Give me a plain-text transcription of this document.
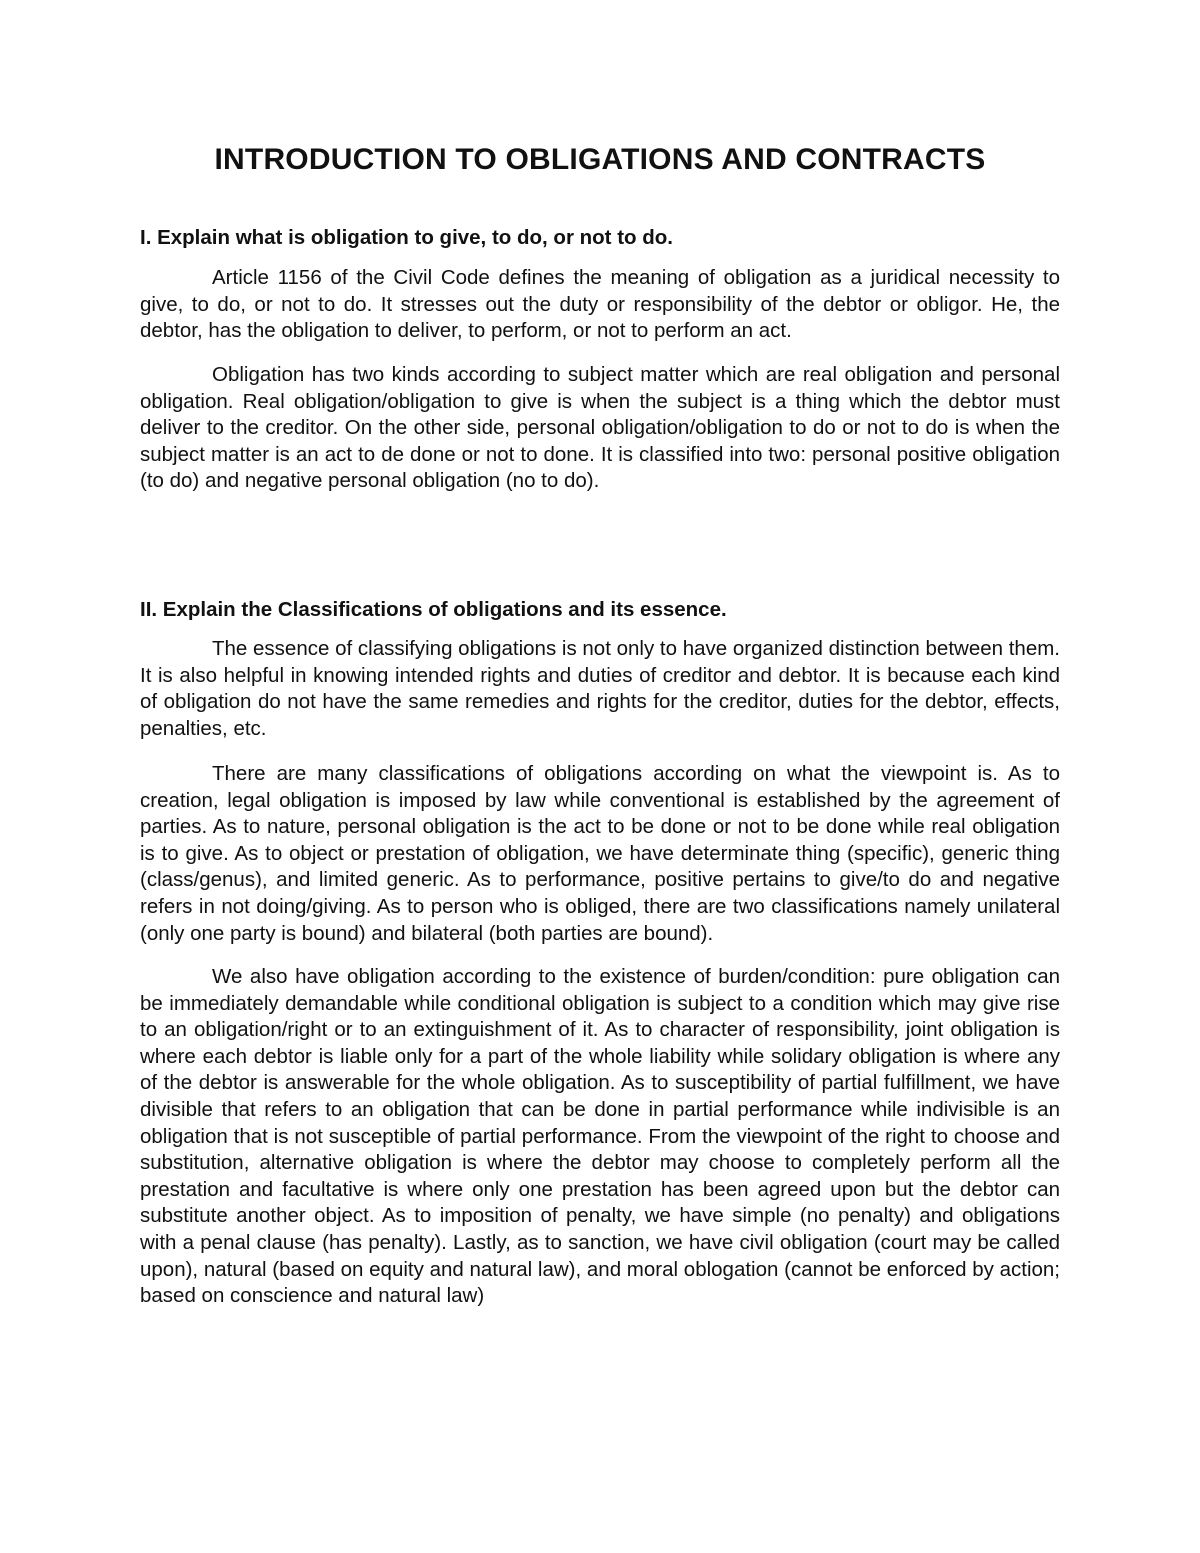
INTRODUCTION TO OBLIGATIONS AND CONTRACTS
I. Explain what is obligation to give, to do, or not to do.

Article 1156 of the Civil Code defines the meaning of obligation as a juridical necessity to give, to do, or not to do. It stresses out the duty or responsibility of the debtor or obligor. He, the debtor, has the obligation to deliver, to perform, or not to perform an act.

Obligation has two kinds according to subject matter which are real obligation and personal obligation. Real obligation/obligation to give is when the subject is a thing which the debtor must deliver to the creditor. On the other side, personal obligation/obligation to do or not to do is when the subject matter is an act to de done or not to done. It is classified into two: personal positive obligation (to do) and negative personal obligation (no to do).

II. Explain the Classifications of obligations and its essence.

The essence of classifying obligations is not only to have organized distinction between them. It is also helpful in knowing intended rights and duties of creditor and debtor. It is because each kind of obligation do not have the same remedies and rights for the creditor, duties for the debtor, effects, penalties, etc.

There are many classifications of obligations according on what the viewpoint is. As to creation, legal obligation is imposed by law while conventional is established by the agreement of parties. As to nature, personal obligation is the act to be done or not to be done while real obligation is to give. As to object or prestation of obligation, we have determinate thing (specific), generic thing (class/genus), and limited generic. As to performance, positive pertains to give/to do and negative refers in not doing/giving. As to person who is obliged, there are two classifications namely unilateral (only one party is bound) and bilateral (both parties are bound).

We also have obligation according to the existence of burden/condition: pure obligation can be immediately demandable while conditional obligation is subject to a condition which may give rise to an obligation/right or to an extinguishment of it. As to character of responsibility, joint obligation is where each debtor is liable only for a part of the whole liability while solidary obligation is where any of the debtor is answerable for the whole obligation. As to susceptibility of partial fulfillment, we have divisible that refers to an obligation that can be done in partial performance while indivisible is an obligation that is not susceptible of partial performance. From the viewpoint of the right to choose and substitution, alternative obligation is where the debtor may choose to completely perform all the prestation and facultative is where only one prestation has been agreed upon but the debtor can substitute another object. As to imposition of penalty, we have simple (no penalty) and obligations with a penal clause (has penalty). Lastly, as to sanction, we have civil obligation (court may be called upon), natural (based on equity and natural law), and moral oblogation (cannot be enforced by action; based on conscience and natural law)
